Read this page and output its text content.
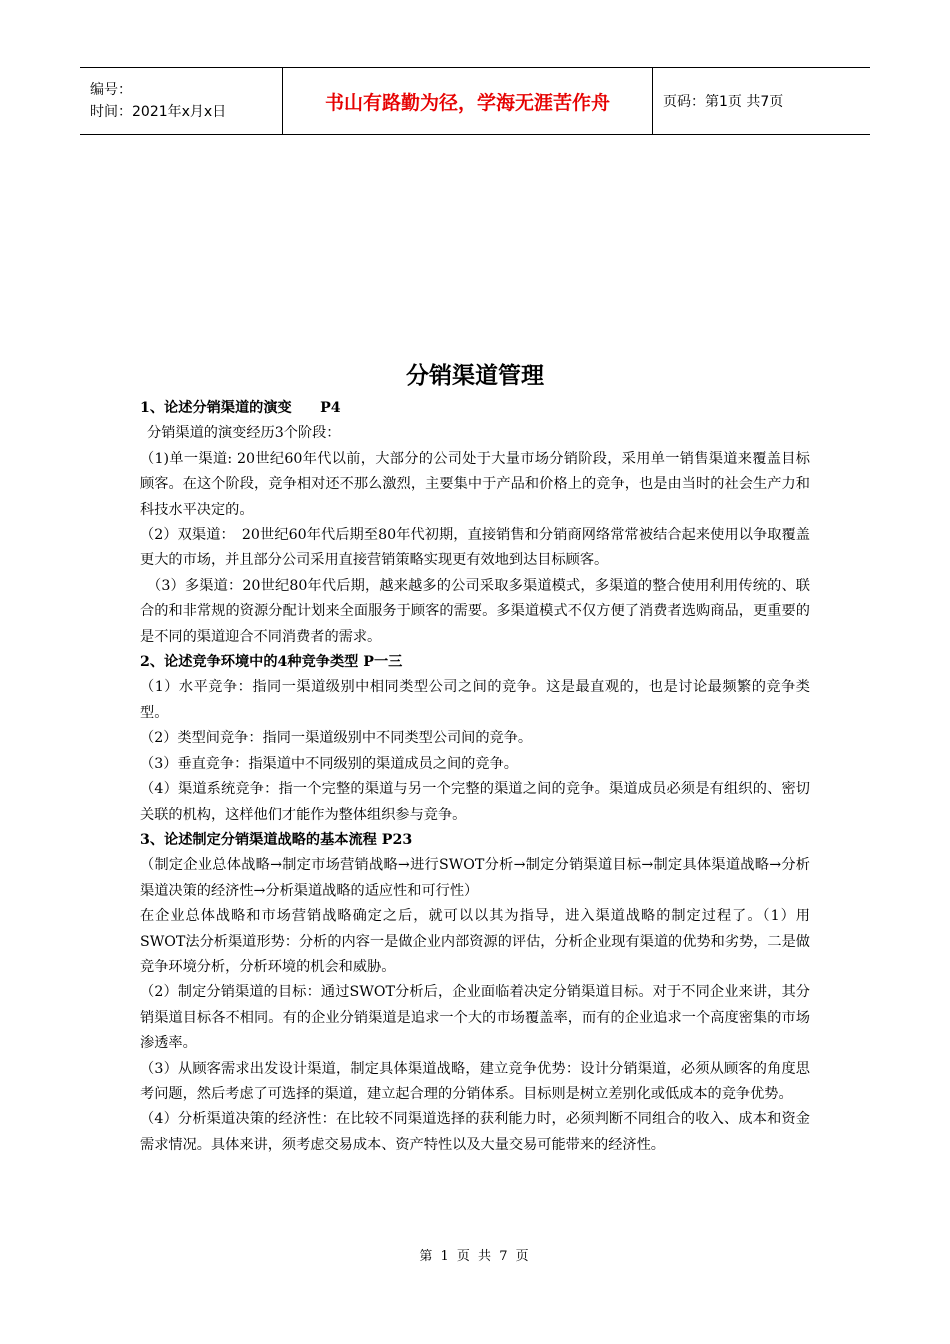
编号：
时间：2021年x月x日	书山有路勤为径，学海无涯苦作舟	页码：第1页 共7页
分销渠道管理

1、论述分销渠道的演变　　P4

分销渠道的演变经历3个阶段：

（1)单一渠道: 20世纪60年代以前，大部分的公司处于大量市场分销阶段，采用单一销售渠道来覆盖目标顾客。在这个阶段，竞争相对还不那么激烈，主要集中于产品和价格上的竞争，也是由当时的社会生产力和科技水平决定的。

（2）双渠道：　20世纪60年代后期至80年代初期，直接销售和分销商网络常常被结合起来使用以争取覆盖更大的市场，并且部分公司采用直接营销策略实现更有效地到达目标顾客。

（3）多渠道：20世纪80年代后期，越来越多的公司采取多渠道模式，多渠道的整合使用利用传统的、联合的和非常规的资源分配计划来全面服务于顾客的需要。多渠道模式不仅方便了消费者选购商品，更重要的是不同的渠道迎合不同消费者的需求。

2、论述竞争环境中的4种竞争类型 P一三

（1）水平竞争：指同一渠道级别中相同类型公司之间的竞争。这是最直观的，也是讨论最频繁的竞争类型。

（2）类型间竞争：指同一渠道级别中不同类型公司间的竞争。

（3）垂直竞争：指渠道中不同级别的渠道成员之间的竞争。

（4）渠道系统竞争：指一个完整的渠道与另一个完整的渠道之间的竞争。渠道成员必须是有组织的、密切关联的机构，这样他们才能作为整体组织参与竞争。

3、论述制定分销渠道战略的基本流程 P23

（制定企业总体战略→制定市场营销战略→进行SWOT分析→制定分销渠道目标→制定具体渠道战略→分析渠道决策的经济性→分析渠道战略的适应性和可行性）

在企业总体战略和市场营销战略确定之后，就可以以其为指导，进入渠道战略的制定过程了。（1）用SWOT法分析渠道形势：分析的内容一是做企业内部资源的评估，分析企业现有渠道的优势和劣势，二是做竞争环境分析，分析环境的机会和威胁。

（2）制定分销渠道的目标：通过SWOT分析后，企业面临着决定分销渠道目标。对于不同企业来讲，其分销渠道目标各不相同。有的企业分销渠道是追求一个大的市场覆盖率，而有的企业追求一个高度密集的市场渗透率。

（3）从顾客需求出发设计渠道，制定具体渠道战略，建立竞争优势：设计分销渠道，必须从顾客的角度思考问题，然后考虑了可选择的渠道，建立起合理的分销体系。目标则是树立差别化或低成本的竞争优势。

（4）分析渠道决策的经济性：在比较不同渠道选择的获利能力时，必须判断不同组合的收入、成本和资金需求情况。具体来讲，须考虑交易成本、资产特性以及大量交易可能带来的经济性。

第 1 页 共 7 页
